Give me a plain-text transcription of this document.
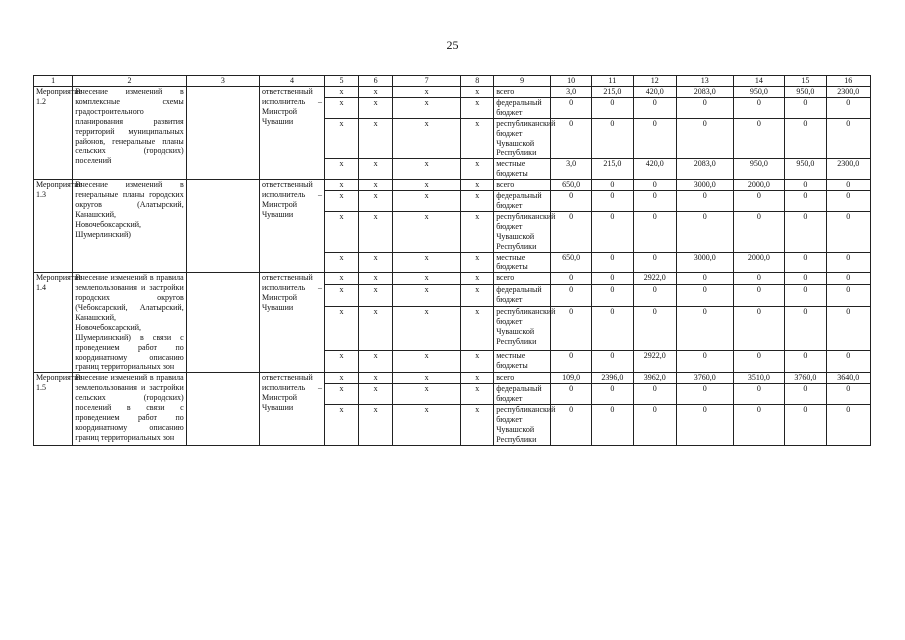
25
1	2	3	4	5	6	7	8	9	10	11	12	13	14	15	16
Мероприятие 1.2	Внесение изменений в комплексные схемы градостроительного планирования развития территорий муниципальных районов, генеральные планы сельских (городских) поселений		ответственный исполнитель – Минстрой Чувашии	x	x	x	x	всего	3,0	215,0	420,0	2083,0	950,0	950,0	2300,0
				x	x	x	x	федеральный бюджет	0	0	0	0	0	0	0
				x	x	x	x	республиканский бюджет Чувашской Республики	0	0	0	0	0	0	0
				x	x	x	x	местные бюджеты	3,0	215,0	420,0	2083,0	950,0	950,0	2300,0
Мероприятие 1.3	Внесение изменений в генеральные планы городских округов (Алатырский, Канашский, Новочебоксарский, Шумерлинский)		ответственный исполнитель – Минстрой Чувашии	x	x	x	x	всего	650,0	0	0	3000,0	2000,0	0	0
				x	x	x	x	федеральный бюджет	0	0	0	0	0	0	0
				x	x	x	x	республиканский бюджет Чувашской Республики	0	0	0	0	0	0	0
				x	x	x	x	местные бюджеты	650,0	0	0	3000,0	2000,0	0	0
Мероприятие 1.4	Внесение изменений в правила землепользования и застройки городских округов (Чебоксарский, Алатырский, Канашский, Новочебоксарский, Шумерлинский) в связи с проведением работ по координатному описанию границ территориальных зон		ответственный исполнитель – Минстрой Чувашии	x	x	x	x	всего	0	0	2922,0	0	0	0	0
				x	x	x	x	федеральный бюджет	0	0	0	0	0	0	0
				x	x	x	x	республиканский бюджет Чувашской Республики	0	0	0	0	0	0	0
				x	x	x	x	местные бюджеты	0	0	2922,0	0	0	0	0
Мероприятие 1.5	Внесение изменений в правила землепользования и застройки сельских (городских) поселений в связи с проведением работ по координатному описанию границ территориальных зон		ответственный исполнитель – Минстрой Чувашии	x	x	x	x	всего	109,0	2396,0	3962,0	3760,0	3510,0	3760,0	3640,0
				x	x	x	x	федеральный бюджет	0	0	0	0	0	0	0
				x	x	x	x	республиканский бюджет Чувашской Республики	0	0	0	0	0	0	0
